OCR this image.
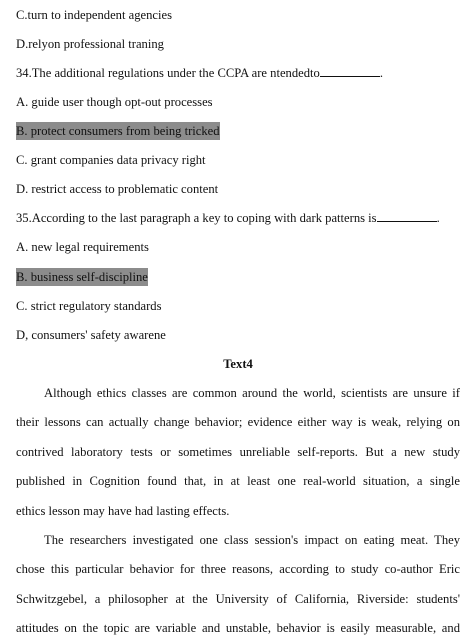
C.turn to independent agencies
D.relyon professional traning
34.The additional regulations under the CCPA are ntendedto	.
A. guide user though opt-out processes
B. protect consumers from being tricked
C. grant companies data privacy right
D. restrict access to problematic content
35.According to the last paragraph a key to coping with dark patterns is	.
A. new legal requirements
B. business self-discipline
C. strict regulatory standards
D, consumers' safety awarene
Text4
Although ethics classes are common around the world, scientists are unsure if
their lessons can actually change behavior; evidence either way is weak, relying on
contrived laboratory tests or sometimes unreliable self-reports. But a new study
published in Cognition found that, in at least one real-world situation, a single
ethics lesson may have had lasting effects.
The researchers investigated one class session's impact on eating meat. They
chose this particular behavior for three reasons, according to study co-author Eric
Schwitzgebel, a philosopher at the University of California, Riverside: students'
attitudes on the topic are variable and unstable, behavior is easily measurable, and
